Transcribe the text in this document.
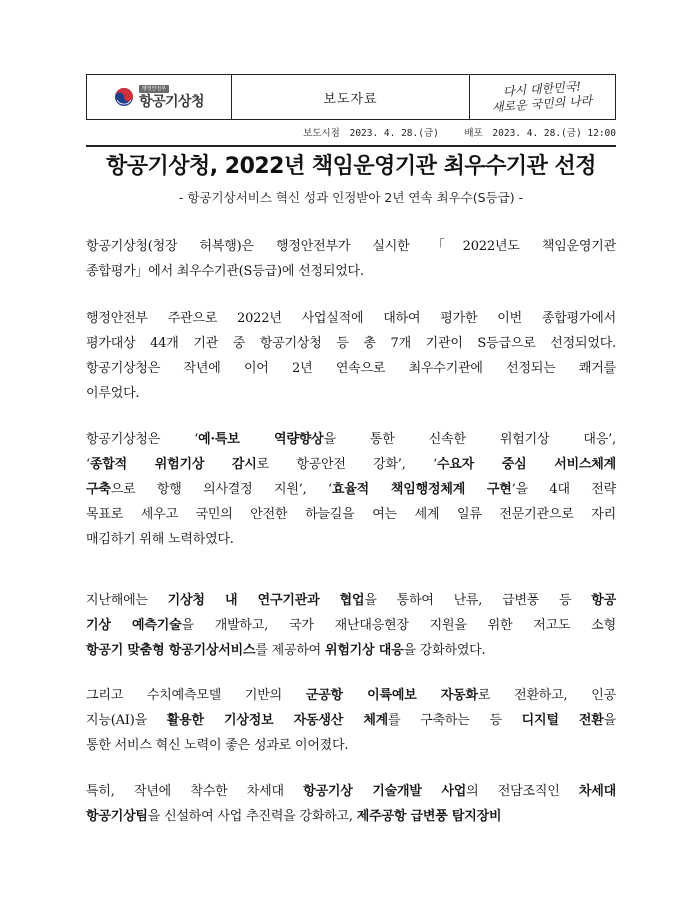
행정안전부
항공기상청	보도자료
다시 대한민국!
새로운 국민의 나라
보도시점 2023. 4. 28.(금)	배포 2023. 4. 28.(금) 12:00
항공기상청, 2022년 책임운영기관 최우수기관 선정
- 항공기상서비스 혁신 성과 인정받아 2년 연속 최우수(S등급) -
항공기상청(청장 허복행)은 행정안전부가 실시한 「2022년도 책임운영기관
종합평가」에서 최우수기관(S등급)에 선정되었다.
행정안전부 주관으로 2022년 사업실적에 대하여 평가한 이번 종합평가에서
평가대상 44개 기관 중 항공기상청 등 총 7개 기관이 S등급으로 선정되었다.
항공기상청은 작년에 이어 2년 연속으로 최우수기관에 선정되는 쾌거를
이루었다.
항공기상청은 ‘예·특보 역량향상을 통한 신속한 위험기상 대응’,
‘종합적 위험기상 감시로 항공안전 강화’, ‘수요자 중심 서비스체계
구축으로 항행 의사결정 지원’, ‘효율적 책임행정체계 구현’을 4대 전략
목표로 세우고 국민의 안전한 하늘길을 여는 세계 일류 전문기관으로 자리
매김하기 위해 노력하였다.
지난해에는 기상청 내 연구기관과 협업을 통하여 난류, 급변풍 등 항공
기상 예측기술을 개발하고, 국가 재난대응현장 지원을 위한 저고도 소형
항공기 맞춤형 항공기상서비스를 제공하여 위험기상 대응을 강화하였다.
그리고 수치예측모델 기반의 군공항 이륙예보 자동화로 전환하고, 인공
지능(AI)을 활용한 기상정보 자동생산 체계를 구축하는 등 디지털 전환을
통한 서비스 혁신 노력이 좋은 성과로 이어졌다.
특히, 작년에 착수한 차세대 항공기상 기술개발 사업의 전담조직인 차세대
항공기상팀을 신설하여 사업 추진력을 강화하고, 제주공항 급변풍 탐지장비
